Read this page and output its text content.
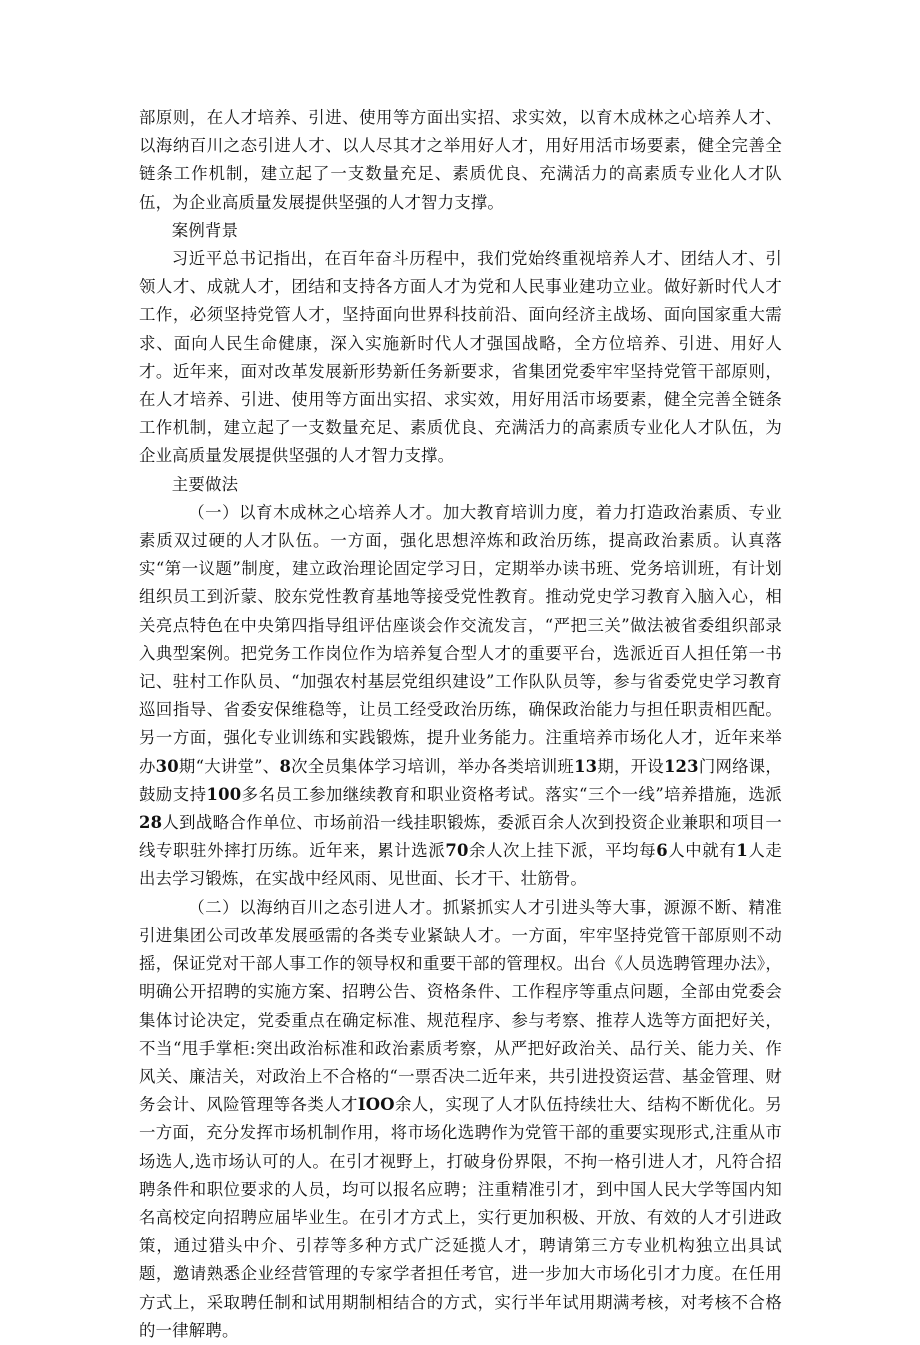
部原则，在人才培养、引进、使用等方面出实招、求实效，以育木成林之心培养人才、以海纳百川之态引进人才、以人尽其才之举用好人才，用好用活市场要素，健全完善全链条工作机制，建立起了一支数量充足、素质优良、充满活力的高素质专业化人才队伍，为企业高质量发展提供坚强的人才智力支撑。

案例背景

习近平总书记指出，在百年奋斗历程中，我们党始终重视培养人才、团结人才、引领人才、成就人才，团结和支持各方面人才为党和人民事业建功立业。做好新时代人才工作，必须坚持党管人才，坚持面向世界科技前沿、面向经济主战场、面向国家重大需求、面向人民生命健康，深入实施新时代人才强国战略，全方位培养、引进、用好人才。近年来，面对改革发展新形势新任务新要求，省集团党委牢牢坚持党管干部原则，在人才培养、引进、使用等方面出实招、求实效，用好用活市场要素，健全完善全链条工作机制，建立起了一支数量充足、素质优良、充满活力的高素质专业化人才队伍，为企业高质量发展提供坚强的人才智力支撑。

主要做法

（一）以育木成林之心培养人才。加大教育培训力度，着力打造政治素质、专业素质双过硬的人才队伍。一方面，强化思想淬炼和政治历练，提高政治素质。认真落实“第一议题”制度，建立政治理论固定学习日，定期举办读书班、党务培训班，有计划组织员工到沂蒙、胶东党性教育基地等接受党性教育。推动党史学习教育入脑入心，相关亮点特色在中央第四指导组评估座谈会作交流发言，“严把三关”做法被省委组织部录入典型案例。把党务工作岗位作为培养复合型人才的重要平台，选派近百人担任第一书记、驻村工作队员、“加强农村基层党组织建设”工作队队员等，参与省委党史学习教育巡回指导、省委安保维稳等，让员工经受政治历练，确保政治能力与担任职责相匹配。另一方面，强化专业训练和实践锻炼，提升业务能力。注重培养市场化人才，近年来举办30期“大讲堂”、8次全员集体学习培训，举办各类培训班13期，开设123门网络课，鼓励支持100多名员工参加继续教育和职业资格考试。落实“三个一线”培养措施，选派28人到战略合作单位、市场前沿一线挂职锻炼，委派百余人次到投资企业兼职和项目一线专职驻外摔打历练。近年来，累计选派70余人次上挂下派，平均每6人中就有1人走出去学习锻炼，在实战中经风雨、见世面、长才干、壮筋骨。

（二）以海纳百川之态引进人才。抓紧抓实人才引进头等大事，源源不断、精准引进集团公司改革发展亟需的各类专业紧缺人才。一方面，牢牢坚持党管干部原则不动摇，保证党对干部人事工作的领导权和重要干部的管理权。出台《人员选聘管理办法》，明确公开招聘的实施方案、招聘公告、资格条件、工作程序等重点问题，全部由党委会集体讨论决定，党委重点在确定标准、规范程序、参与考察、推荐人选等方面把好关，不当“甩手掌柜:突出政治标准和政治素质考察，从严把好政治关、品行关、能力关、作风关、廉洁关，对政治上不合格的“一票否决二近年来，共引进投资运营、基金管理、财务会计、风险管理等各类人才IOO余人，实现了人才队伍持续壮大、结构不断优化。另一方面，充分发挥市场机制作用，将市场化选聘作为党管干部的重要实现形式,注重从市场选人,选市场认可的人。在引才视野上，打破身份界限，不拘一格引进人才，凡符合招聘条件和职位要求的人员，均可以报名应聘；注重精准引才，到中国人民大学等国内知名高校定向招聘应届毕业生。在引才方式上，实行更加积极、开放、有效的人才引进政策，通过猎头中介、引荐等多种方式广泛延揽人才，聘请第三方专业机构独立出具试题，邀请熟悉企业经营管理的专家学者担任考官，进一步加大市场化引才力度。在任用方式上，采取聘任制和试用期制相结合的方式，实行半年试用期满考核，对考核不合格的一律解聘。
